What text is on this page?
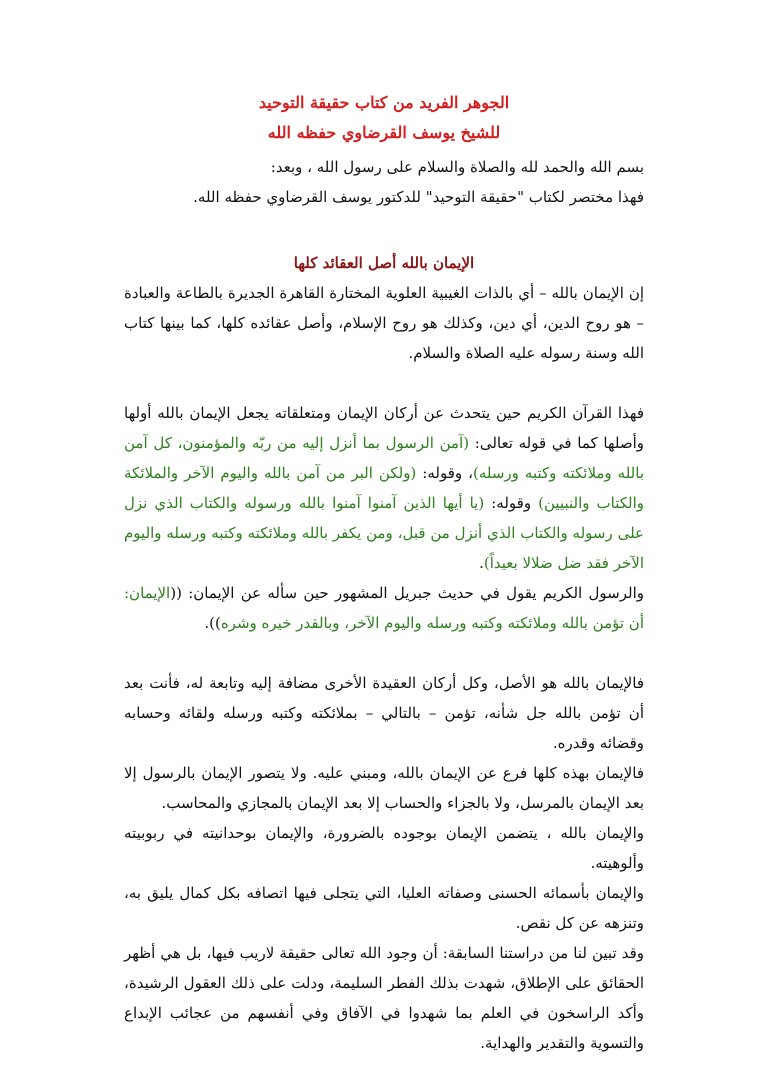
الجوهر الفريد من كتاب حقيقة التوحيد
للشيخ يوسف القرضاوي حفظه الله

بسم الله والحمد لله والصلاة والسلام على رسول الله ، وبعد:

فهذا مختصر لكتاب "حقيقة التوحيد" للدكتور يوسف القرضاوي حفظه الله.

الإيمان بالله أصل العقائد كلها

إن الإيمان بالله – أي بالذات الغيبية العلوية المختارة القاهرة الجديرة بالطاعة والعبادة – هو روح الدين، أي دين، وكذلك هو روح الإسلام، وأصل عقائده كلها، كما بينها كتاب الله وسنة رسوله عليه الصلاة والسلام.

فهذا القرآن الكريم حين يتحدث عن أركان الإيمان ومتعلقاته يجعل الإيمان بالله أولها وأصلها كما في قوله تعالى: (آمن الرسول بما أنزل إليه من ربّه والمؤمنون، كل آمن بالله وملائكته وكتبه ورسله)، وقوله: (ولكن البر من آمن بالله واليوم الآخر والملائكة والكتاب والنبيين) وقوله: (يا أيها الذين آمنوا آمنوا بالله ورسوله والكتاب الذي نزل على رسوله والكتاب الذي أنزل من قبل، ومن يكفر بالله وملائكته وكتبه ورسله واليوم الآخر فقد ضل ضلالا بعيداً).

والرسول الكريم يقول في حديث جبريل المشهور حين سأله عن الإيمان: ((الإيمان: أن تؤمن بالله وملائكته وكتبه ورسله واليوم الآخر، وبالقدر خيره وشره)).

فالإيمان بالله هو الأصل، وكل أركان العقيدة الأخرى مضافة إليه وتابعة له، فأنت بعد أن تؤمن بالله جل شأنه، تؤمن – بالتالي – بملائكته وكتبه ورسله ولقائه وحسابه وقضائه وقدره.

فالإيمان بهذه كلها فرع عن الإيمان بالله، ومبني عليه. ولا يتصور الإيمان بالرسول إلا بعد الإيمان بالمرسل، ولا بالجزاء والحساب إلا بعد الإيمان بالمجازي والمحاسب.

والإيمان بالله ، يتضمن الإيمان بوجوده بالضرورة، والإيمان بوحدانيته في ربوبيته وألوهيته.

والإيمان بأسمائه الحسنى وصفاته العليا، التي يتجلى فيها اتصافه بكل كمال يليق به، وتنزهه عن كل نقص.

وقد تبين لنا من دراستنا السابقة: أن وجود الله تعالى حقيقة لاريب فيها، بل هي أظهر الحقائق على الإطلاق، شهدت بذلك الفطر السليمة، ودلت على ذلك العقول الرشيدة، وأكد الراسخون في العلم بما شهدوا في الآفاق وفي أنفسهم من عجائب الإبداع والتسوية والتقدير والهداية.
